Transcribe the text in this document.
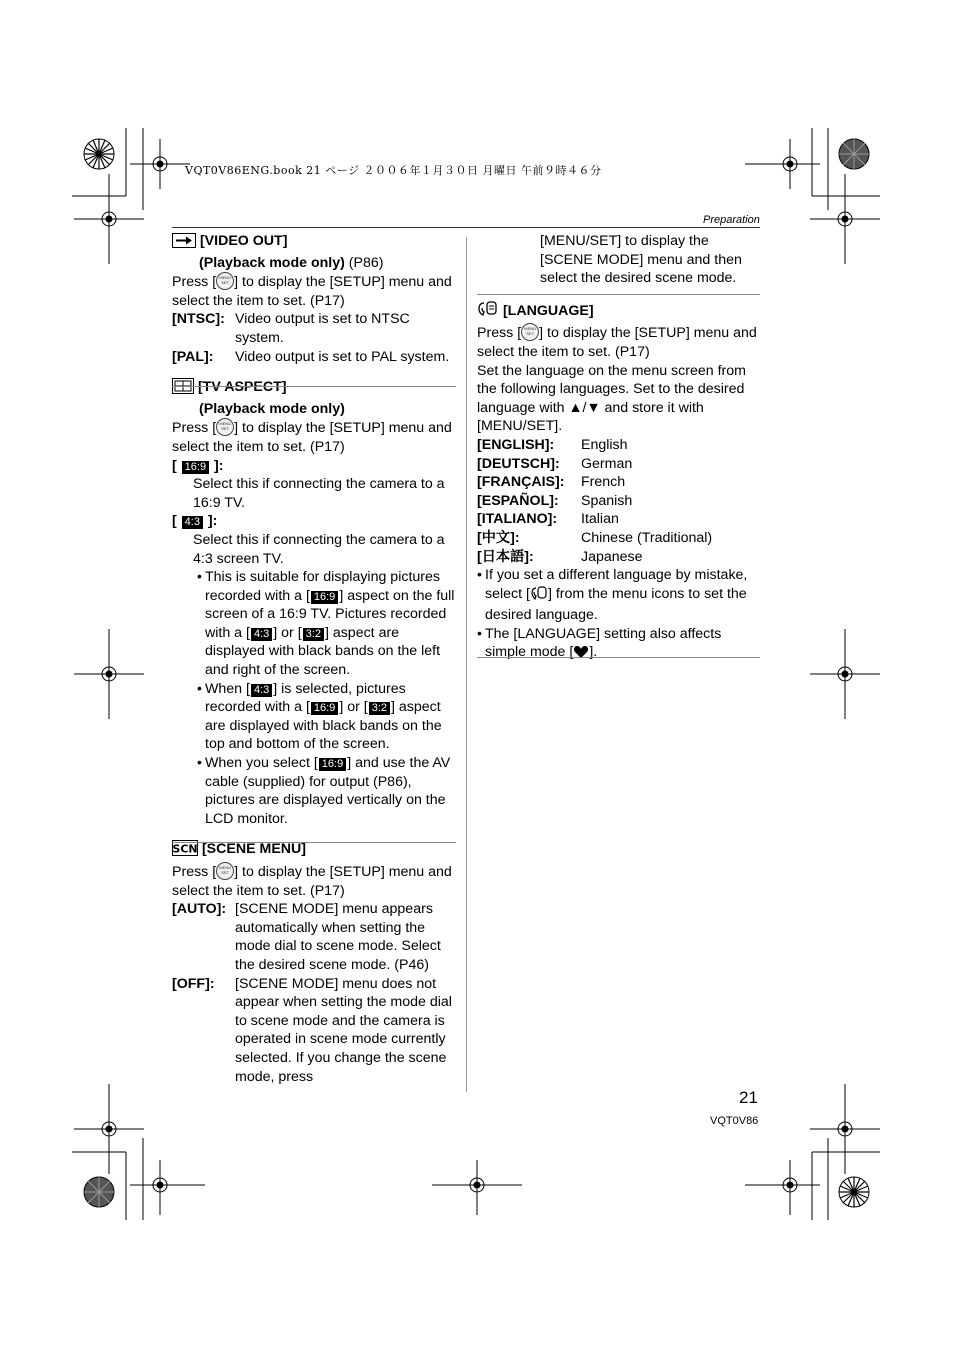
VQT0V86ENG.book 21 ページ ２００６年１月３０日 月曜日 午前９時４６分
Preparation

[VIDEO OUT]

(Playback mode only) (P86)

Press [ MENU SET ] to display the [SETUP] menu and select the item to set. (P17)

[NTSC]: Video output is set to NTSC system.
[PAL]:	Video output is set to PAL system.

[TV ASPECT]

(Playback mode only)

Press [ MENU SET ] to display the [SETUP] menu and select the item to set. (P17)

[ 16:9 ]:

Select this if connecting the camera to a 16:9 TV.

[ 4:3 ]:

Select this if connecting the camera to a 4:3 screen TV.

• This is suitable for displaying pictures recorded with a [ 16:9 ] aspect on the full screen of a 16:9 TV. Pictures recorded with a [ 4:3 ] or [ 3:2 ] aspect are displayed with black bands on the left and right of the screen.

• When [ 4:3 ] is selected, pictures recorded with a [ 16:9 ] or [ 3:2 ] aspect are displayed with black bands on the top and bottom of the screen.

• When you select [ 16:9 ] and use the AV cable (supplied) for output (P86), pictures are displayed vertically on the LCD monitor.

SCN [SCENE MENU]

Press [ MENU SET ] to display the [SETUP] menu and select the item to set. (P17)

[AUTO]: [SCENE MODE] menu appears automatically when setting the mode dial to scene mode. Select the desired scene mode. (P46)
[OFF]:	[SCENE MODE] menu does not appear when setting the mode dial to scene mode and the camera is operated in scene mode currently selected. If you change the scene mode, press

[MENU/SET] to display the [SCENE MODE] menu and then select the desired scene mode.

[LANGUAGE]

Press [ MENU SET ] to display the [SETUP] menu and select the item to set. (P17)

Set the language on the menu screen from the following languages. Set to the desired language with ▲/▼ and store it with [MENU/SET].

[ENGLISH]:	English
[DEUTSCH]:	German
[FRANÇAIS]:	French
[ESPAÑOL]:	Spanish
[ITALIANO]:	Italian
[中文]:	Chinese (Traditional)
[日本語]:	Japanese

• If you set a different language by mistake, select [ ] from the menu icons to set the desired language.

• The [LANGUAGE] setting also affects simple mode [ ].

21
VQT0V86
